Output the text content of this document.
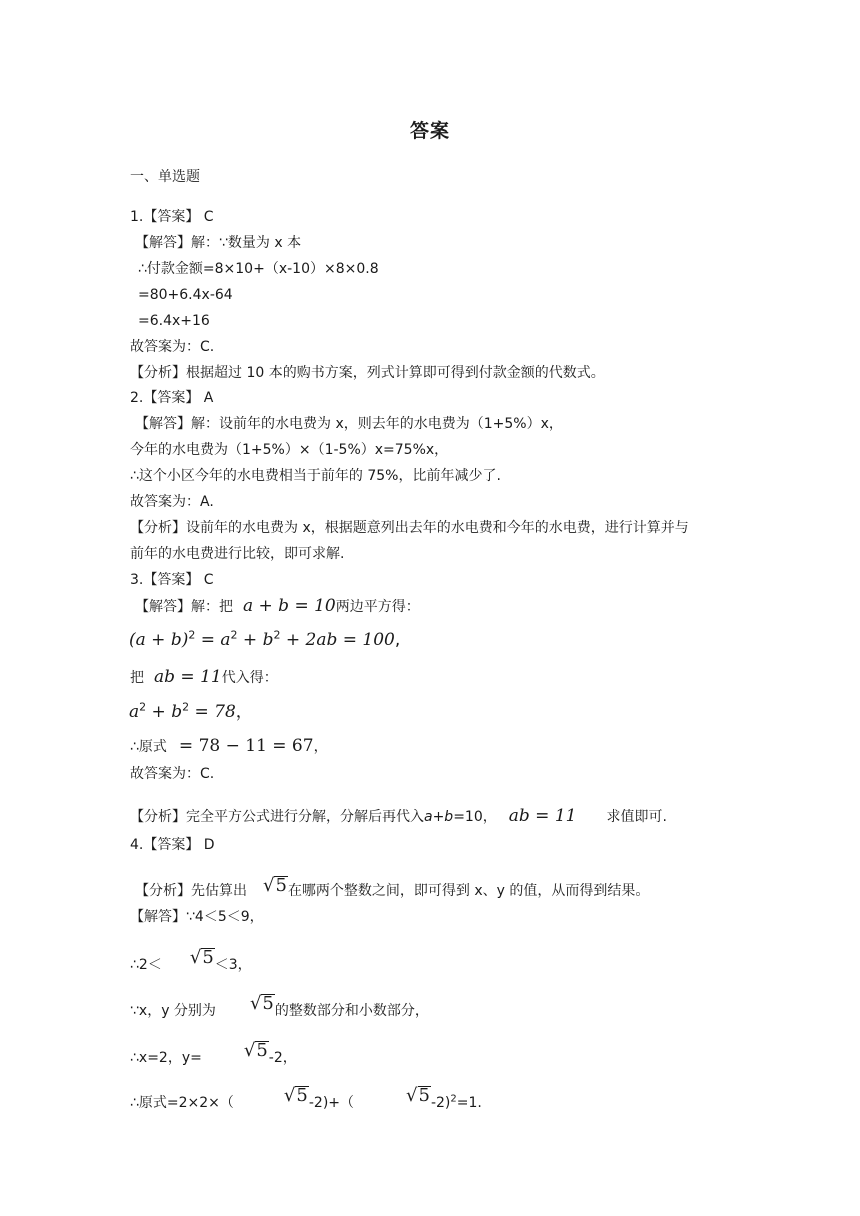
答案
一、单选题
1.【答案】 C
【解答】解：∵数量为 x 本
∴付款金额=8×10+（x-10）×8×0.8
=80+6.4x-64
=6.4x+16
故答案为：C.
【分析】根据超过 10 本的购书方案，列式计算即可得到付款金额的代数式。
2.【答案】 A
【解答】解：设前年的水电费为 x，则去年的水电费为（1+5%）x，
今年的水电费为（1+5%）×（1-5%）x=75%x，
∴这个小区今年的水电费相当于前年的 75%，比前年减少了.
故答案为：A.
【分析】设前年的水电费为 x，根据题意列出去年的水电费和今年的水电费，进行计算并与
前年的水电费进行比较，即可求解.
3.【答案】 C
【解答】解：把 a + b = 10两边平方得：
$(a + b)^2 = a^2 + b^2 + 2ab = 100$,
把 ab = 11代入得：
$a^2 + b^2 = 78$，
∴原式 = 78 − 11 = 67，
故答案为：C.
【分析】完全平方公式进行分解，分解后再代入a+b=10， ab = 11 求值即可.
4.【答案】 D
【分析】先估算出 √5在哪两个整数之间，即可得到 x、y 的值，从而得到结果。
【解答】∵4＜5＜9，
∴2＜ √5＜3，
∵x，y 分别为 √5的整数部分和小数部分，
∴x=2，y= √5-2，
∴原式=2×2×（	√5-2)+（	√5-2)$^2$=1.
